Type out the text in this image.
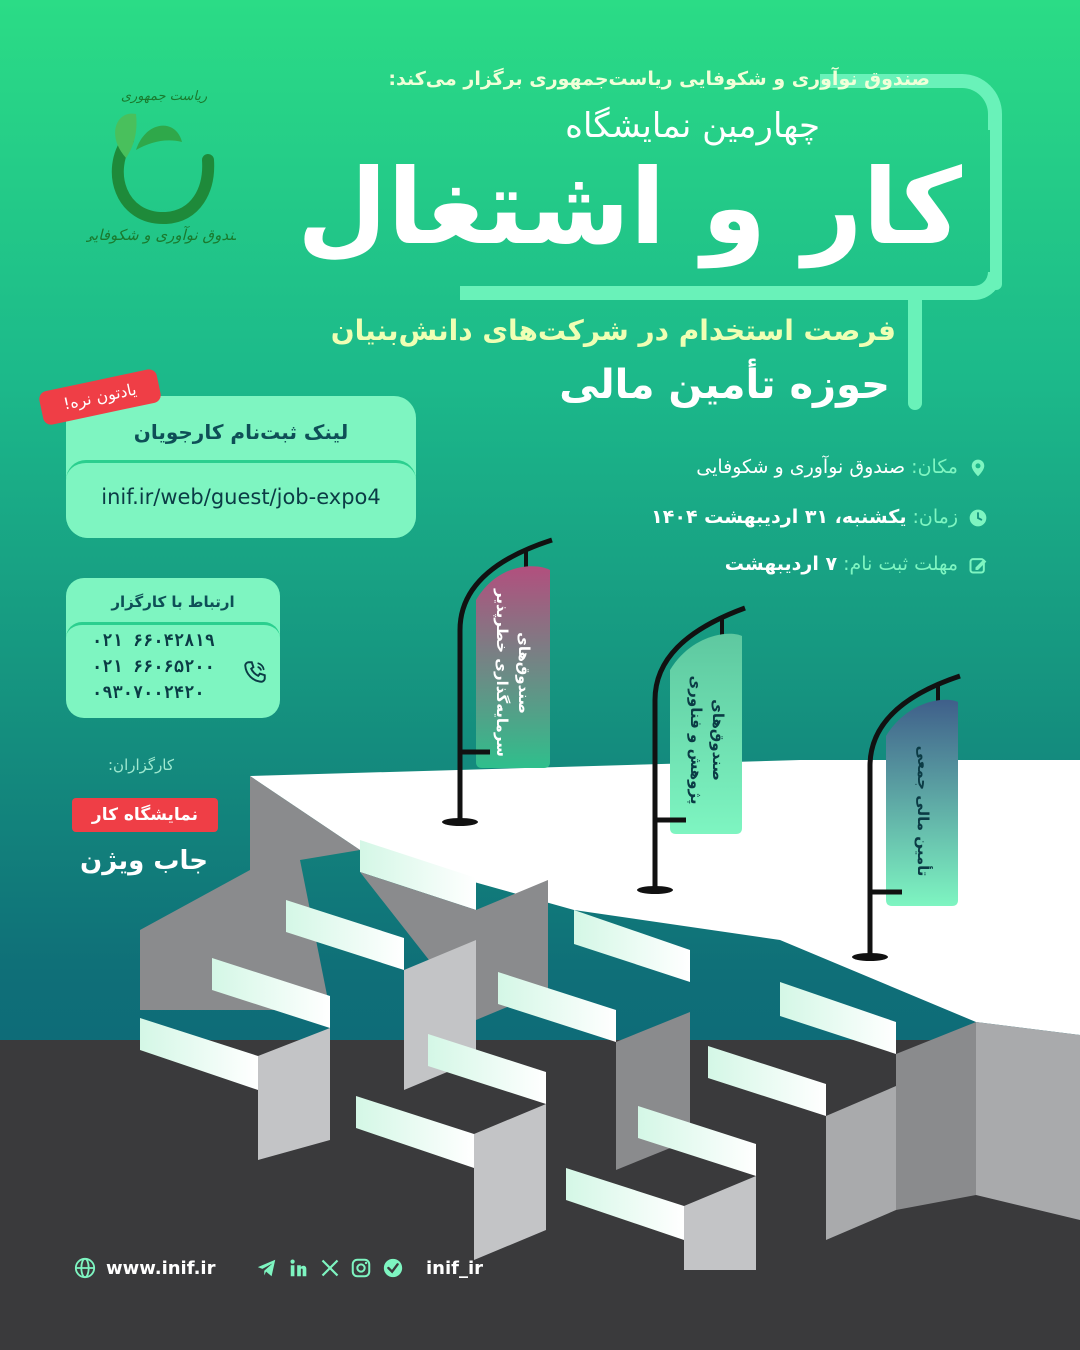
صندوق نوآوری و شکوفایی ریاست‌جمهوری برگزار می‌کند:
چهارمین نمایشگاه
کار و اشتغال
فرصت استخدام در شرکت‌های دانش‌بنیان
حوزه تأمین مالی
ریاست جمهوری
صندوق نوآوری و شکوفایی
لینک ثبت‌نام کارجویان
inif.ir/web/guest/job-expo4
یادتون نره!
ارتباط با کارگزار
۰۲۱ ۶۶۰۴۲۸۱۹
۰۲۱ ۶۶۰۶۵۲۰۰
۰۹۳۰۷۰۰۲۴۲۰
کارگزاران:
نمایشگاه کار
جاب ویژن
مکان: صندوق نوآوری و شکوفایی
زمان: یکشنبه، ۳۱ اردیبهشت ۱۴۰۴
مهلت ثبت نام: ۷ اردیبهشت
صندوق‌های
سرمایه‌گذاری خطرپذیر	صندوق‌های
پژوهش و فناوری
تأمین مالی جمعی
www.inif.ir	inif_ir
